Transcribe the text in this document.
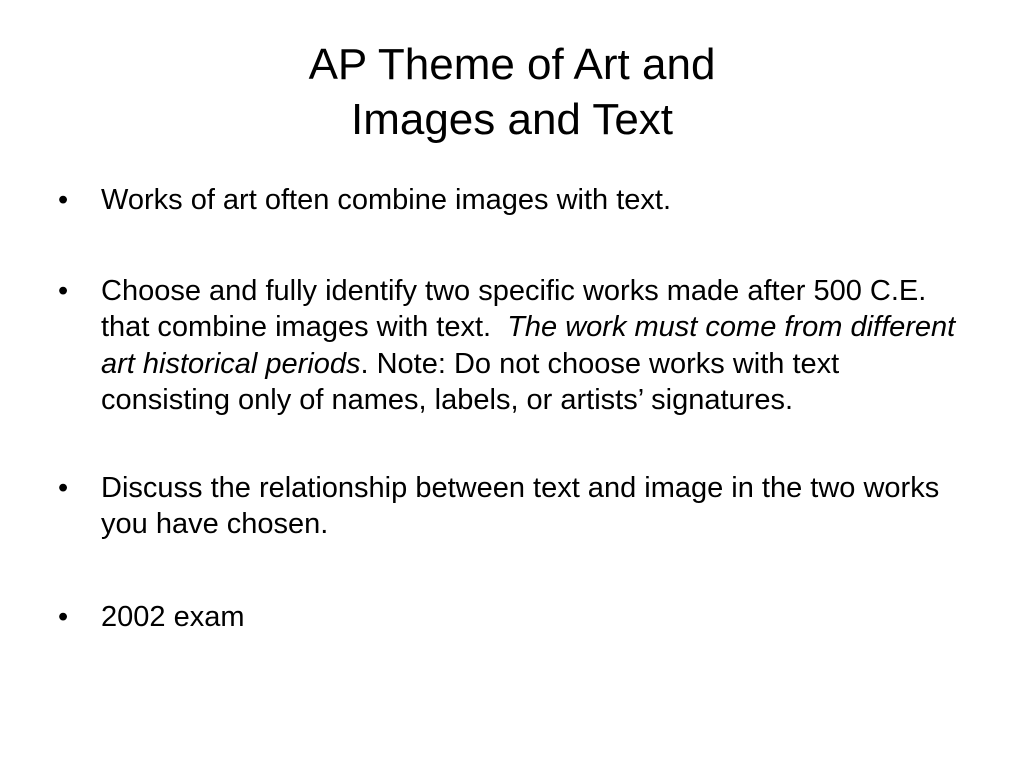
AP Theme of Art and
Images and Text
• Works of art often combine images with text.
• Choose and fully identify two specific works made after 500 C.E. that combine images with text. The work must come from different art historical periods. Note: Do not choose works with text consisting only of names, labels, or artists’ signatures.
• Discuss the relationship between text and image in the two works you have chosen.
• 2002 exam
